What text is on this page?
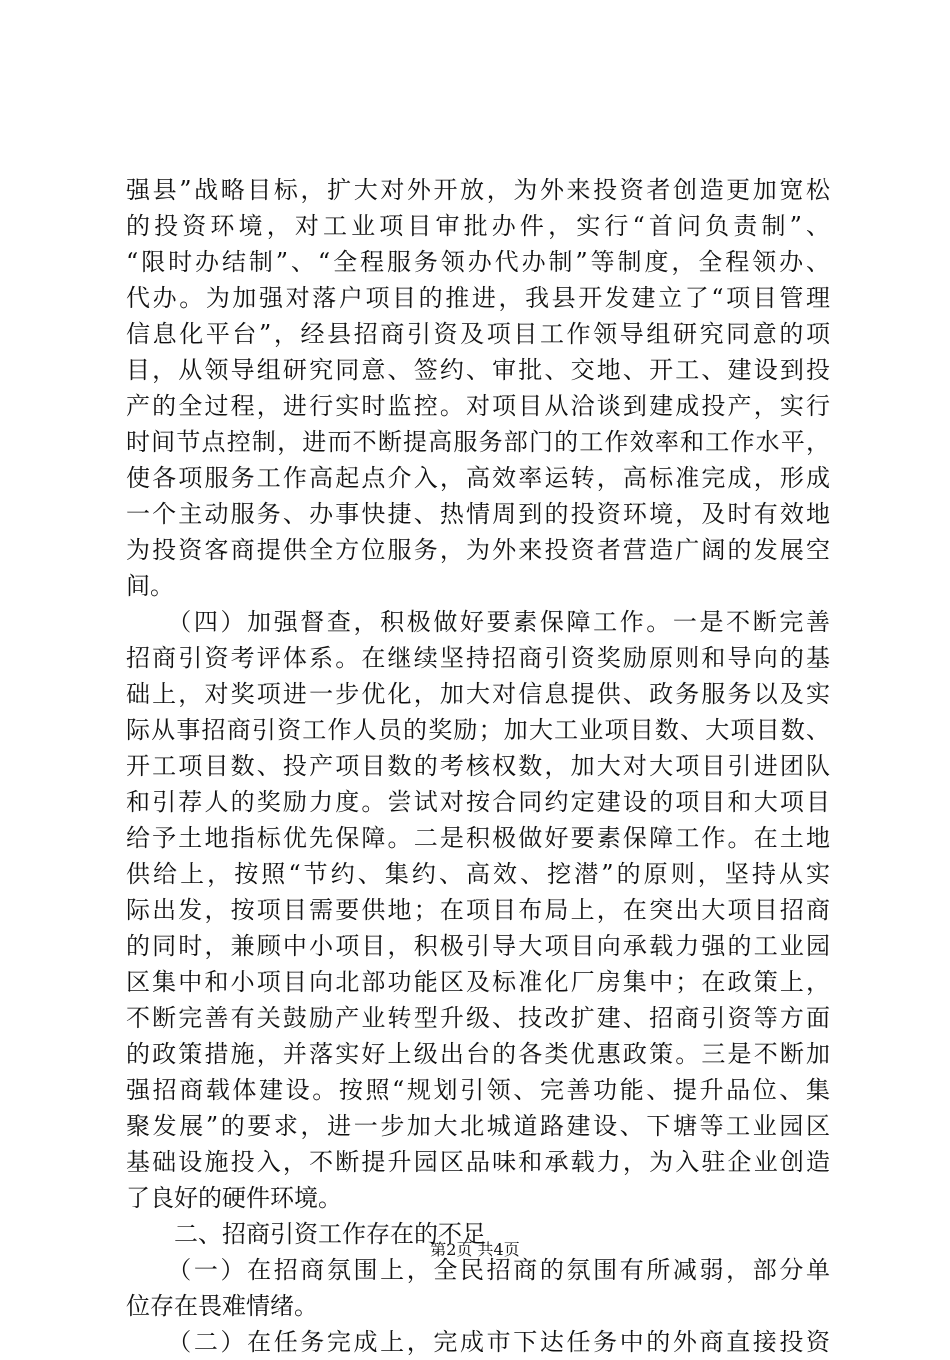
强县”战略目标，扩大对外开放，为外来投资者创造更加宽松
的投资环境，对工业项目审批办件，实行“首问负责制”、
“限时办结制”、“全程服务领办代办制”等制度，全程领办、
代办。为加强对落户项目的推进，我县开发建立了“项目管理
信息化平台”，经县招商引资及项目工作领导组研究同意的项
目，从领导组研究同意、签约、审批、交地、开工、建设到投
产的全过程，进行实时监控。对项目从洽谈到建成投产，实行
时间节点控制，进而不断提高服务部门的工作效率和工作水平，
使各项服务工作高起点介入，高效率运转，高标准完成，形成
一个主动服务、办事快捷、热情周到的投资环境，及时有效地
为投资客商提供全方位服务，为外来投资者营造广阔的发展空
间。
　　（四）加强督查，积极做好要素保障工作。一是不断完善
招商引资考评体系。在继续坚持招商引资奖励原则和导向的基
础上，对奖项进一步优化，加大对信息提供、政务服务以及实
际从事招商引资工作人员的奖励；加大工业项目数、大项目数、
开工项目数、投产项目数的考核权数，加大对大项目引进团队
和引荐人的奖励力度。尝试对按合同约定建设的项目和大项目
给予土地指标优先保障。二是积极做好要素保障工作。在土地
供给上，按照“节约、集约、高效、挖潜”的原则，坚持从实
际出发，按项目需要供地；在项目布局上，在突出大项目招商
的同时，兼顾中小项目，积极引导大项目向承载力强的工业园
区集中和小项目向北部功能区及标准化厂房集中；在政策上，
不断完善有关鼓励产业转型升级、技改扩建、招商引资等方面
的政策措施，并落实好上级出台的各类优惠政策。三是不断加
强招商载体建设。按照“规划引领、完善功能、提升品位、集
聚发展”的要求，进一步加大北城道路建设、下塘等工业园区
基础设施投入，不断提升园区品味和承载力，为入驻企业创造
了良好的硬件环境。
　　二、招商引资工作存在的不足
　　（一）在招商氛围上，全民招商的氛围有所减弱，部分单
位存在畏难情绪。
　　（二）在任务完成上，完成市下达任务中的外商直接投资
第2页 共4页
